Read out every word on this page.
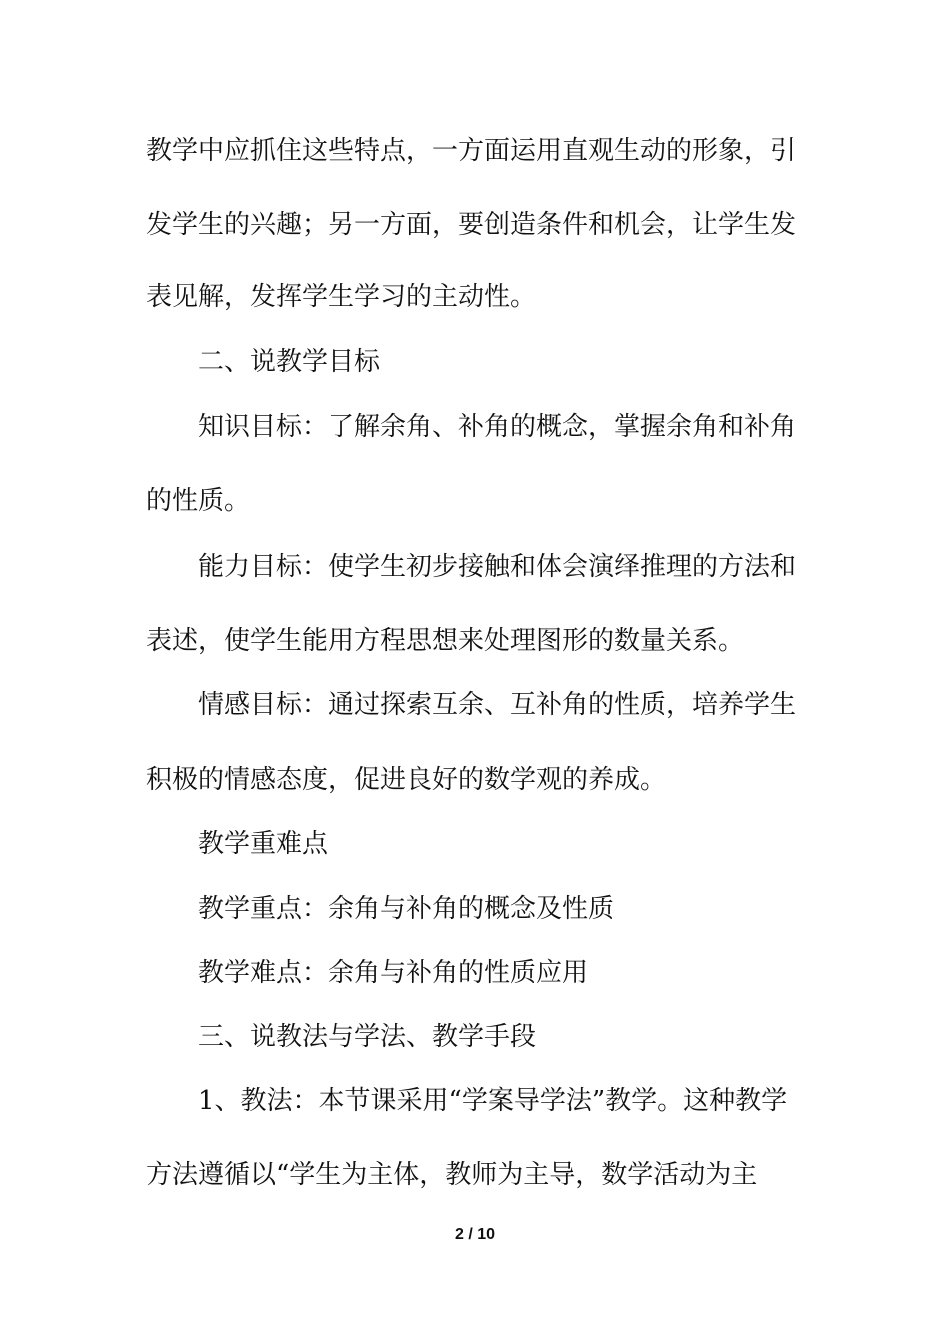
教学中应抓住这些特点，一方面运用直观生动的形象，引
发学生的兴趣；另一方面，要创造条件和机会，让学生发
表见解，发挥学生学习的主动性。
二、说教学目标
知识目标：了解余角、补角的概念，掌握余角和补角
的性质。
能力目标：使学生初步接触和体会演绎推理的方法和
表述，使学生能用方程思想来处理图形的数量关系。
情感目标：通过探索互余、互补角的性质，培养学生
积极的情感态度，促进良好的数学观的养成。
教学重难点
教学重点：余角与补角的概念及性质
教学难点：余角与补角的性质应用
三、说教法与学法、教学手段
1、教法：本节课采用“学案导学法”教学。这种教学
方法遵循以“学生为主体，教师为主导，数学活动为主
2 / 10
